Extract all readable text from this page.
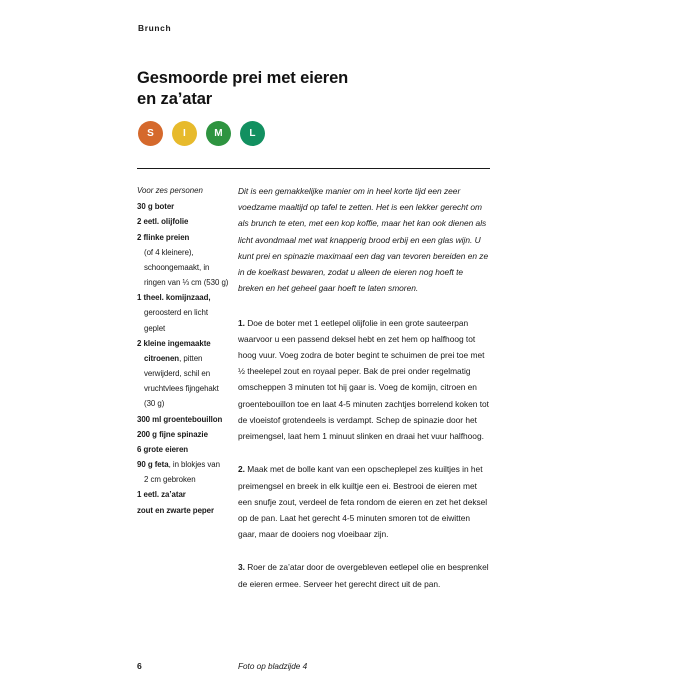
Brunch
Gesmoorde prei met eieren
en za’atar
S	I	M	L
Voor zes personen
30 g boter
2 eetl. olijfolie
2 flinke preien
(of 4 kleinere),
schoongemaakt, in
ringen van ⅓ cm (530 g)
1 theel. komijnzaad,
geroosterd en licht
geplet
2 kleine ingemaakte
citroenen, pitten
verwijderd, schil en
vruchtvlees fijngehakt
(30 g)
300 ml groentebouillon
200 g fijne spinazie
6 grote eieren
90 g feta, in blokjes van
2 cm gebroken
1 eetl. za’atar
zout en zwarte peper

Dit is een gemakkelijke manier om in heel korte tijd een zeer voedzame maaltijd op tafel te zetten. Het is een lekker gerecht om als brunch te eten, met een kop koffie, maar het kan ook dienen als licht avondmaal met wat knapperig brood erbij en een glas wijn. U kunt prei en spinazie maximaal een dag van tevoren bereiden en ze in de koelkast bewaren, zodat u alleen de eieren nog hoeft te breken en het geheel gaar hoeft te laten smoren.

1. Doe de boter met 1 eetlepel olijfolie in een grote sauteerpan waarvoor u een passend deksel hebt en zet hem op halfhoog tot hoog vuur. Voeg zodra de boter begint te schuimen de prei toe met ½ theelepel zout en royaal peper. Bak de prei onder regelmatig omscheppen 3 minuten tot hij gaar is. Voeg de komijn, citroen en groentebouillon toe en laat 4-5 minuten zachtjes borrelend koken tot de vloeistof grotendeels is verdampt. Schep de spinazie door het preimengsel, laat hem 1 minuut slinken en draai het vuur halfhoog.

2. Maak met de bolle kant van een opscheplepel zes kuiltjes in het preimengsel en breek in elk kuiltje een ei. Bestrooi de eieren met een snufje zout, verdeel de feta rondom de eieren en zet het deksel op de pan. Laat het gerecht 4-5 minuten smoren tot de eiwitten gaar, maar de dooiers nog vloeibaar zijn.

3. Roer de za’atar door de overgebleven eetlepel olie en besprenkel de eieren ermee. Serveer het gerecht direct uit de pan.

6	Foto op bladzijde 4
